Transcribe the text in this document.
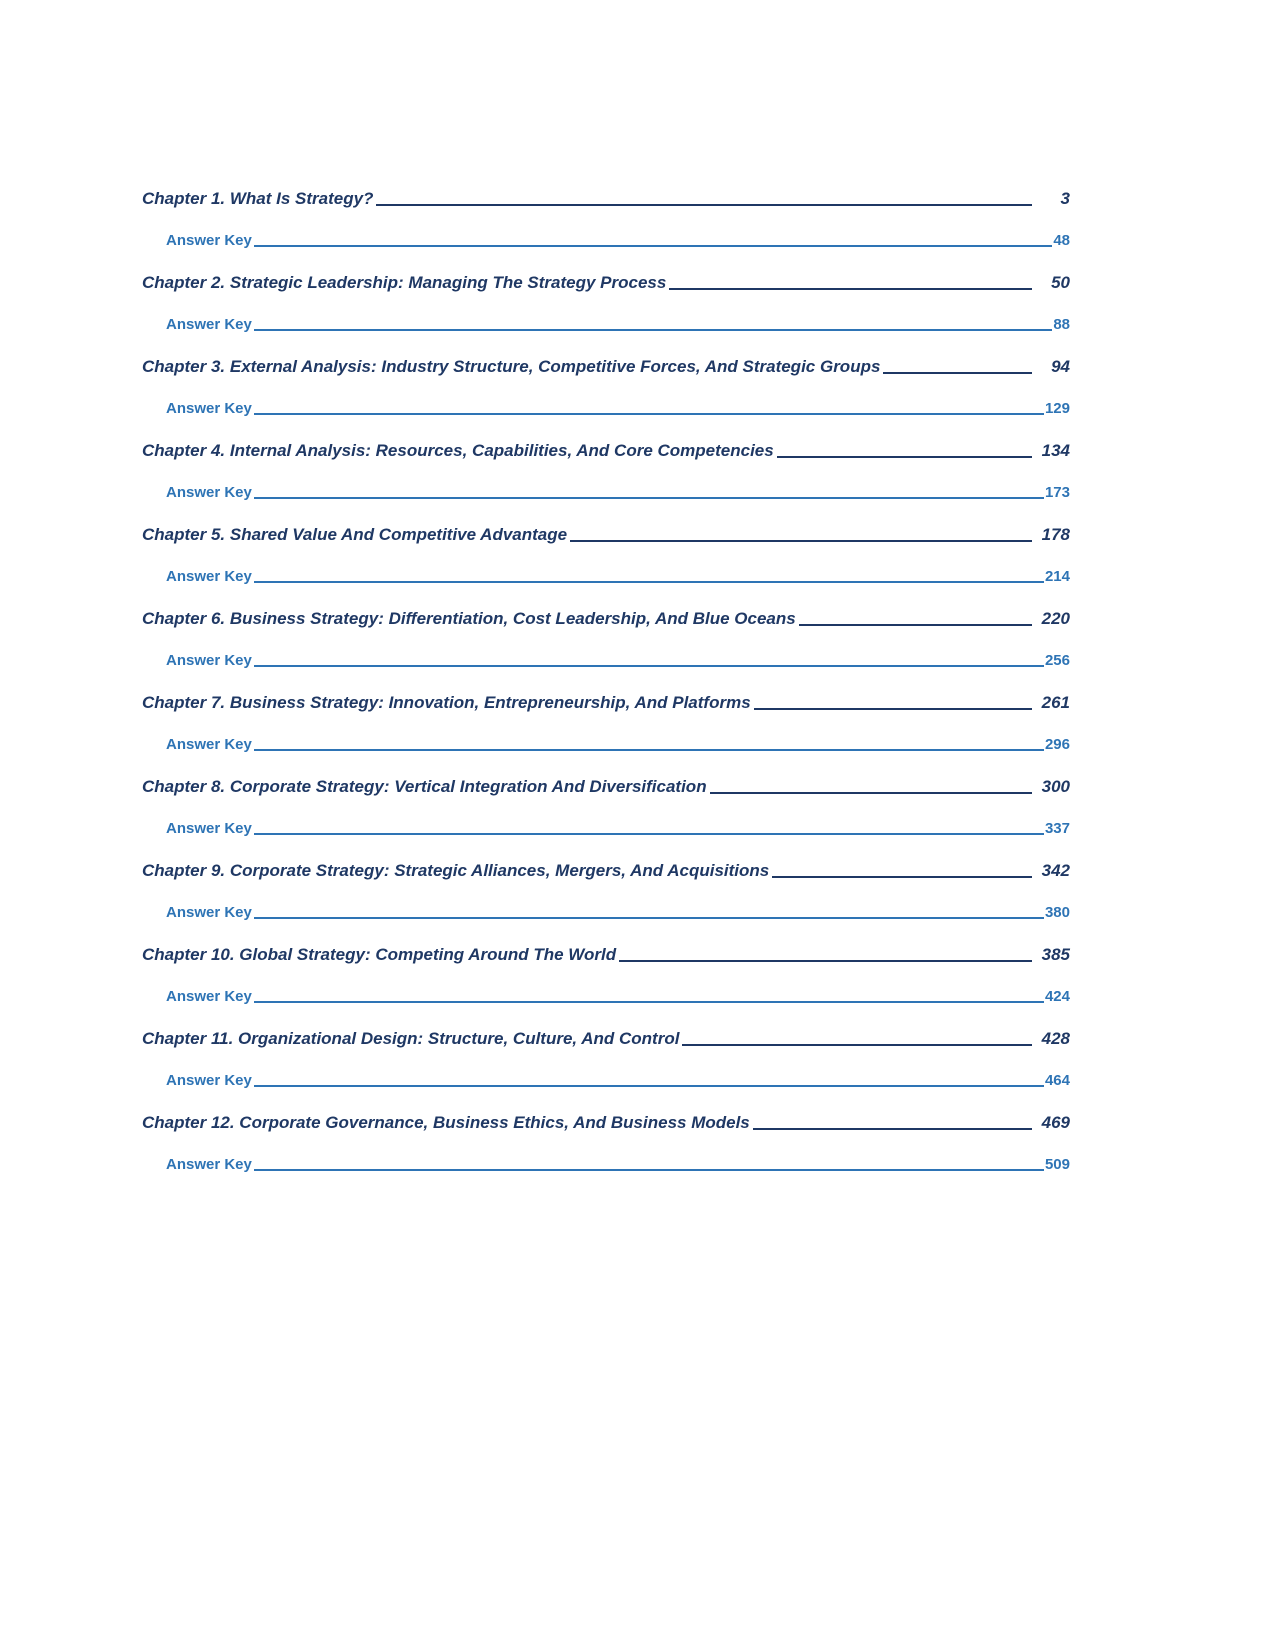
Chapter 1. What Is Strategy?	3
Answer Key	48
Chapter 2. Strategic Leadership: Managing The Strategy Process	50
Answer Key	88
Chapter 3. External Analysis: Industry Structure, Competitive Forces, And Strategic Groups	94
Answer Key	129
Chapter 4. Internal Analysis: Resources, Capabilities, And Core Competencies	134
Answer Key	173
Chapter 5. Shared Value And Competitive Advantage	178
Answer Key	214
Chapter 6. Business Strategy: Differentiation, Cost Leadership, And Blue Oceans	220
Answer Key	256
Chapter 7. Business Strategy: Innovation, Entrepreneurship, And Platforms	261
Answer Key	296
Chapter 8. Corporate Strategy: Vertical Integration And Diversification	300
Answer Key	337
Chapter 9. Corporate Strategy: Strategic Alliances, Mergers, And Acquisitions	342
Answer Key	380
Chapter 10. Global Strategy: Competing Around The World	385
Answer Key	424
Chapter 11. Organizational Design: Structure, Culture, And Control	428
Answer Key	464
Chapter 12. Corporate Governance, Business Ethics, And Business Models	469
Answer Key	509
